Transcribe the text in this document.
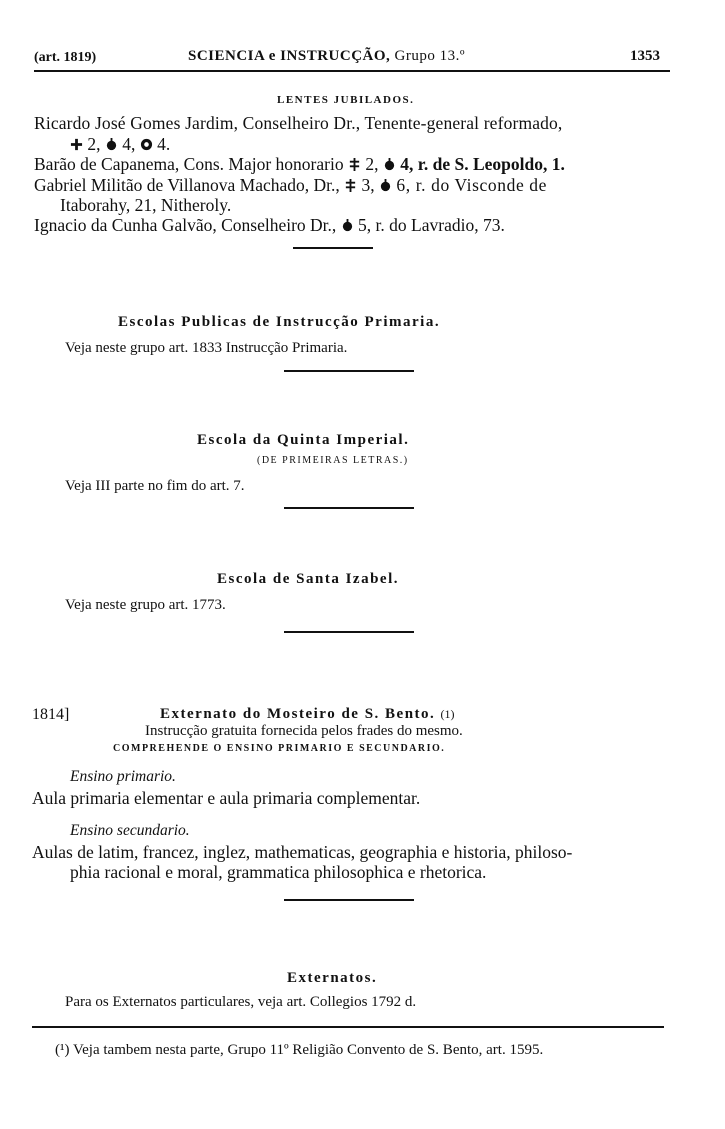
(art. 1819)	SCIENCIA e INSTRUCÇÃO, Grupo 13.º	1353
LENTES JUBILADOS.
Ricardo José Gomes Jardim, Conselheiro Dr., Tenente-general reformado,
2, 4, 4.
Barão de Capanema, Cons. Major honorario 2, 4, r. de S. Leopoldo, 1.
Gabriel Militão de Villanova Machado, Dr., 3, 6, r. do Visconde de
Itaborahy, 21, Nitheroly.
Ignacio da Cunha Galvão, Conselheiro Dr., 5, r. do Lavradio, 73.
Escolas Publicas de Instrucção Primaria.
Veja neste grupo art. 1833 Instrucção Primaria.
Escola da Quinta Imperial.
(DE PRIMEIRAS LETRAS.)
Veja III parte no fim do art. 7.
Escola de Santa Izabel.
Veja neste grupo art. 1773.
1814]	Externato do Mosteiro de S. Bento. (1)
Instrucção gratuita fornecida pelos frades do mesmo.
COMPREHENDE O ENSINO PRIMARIO E SECUNDARIO.
Ensino primario.
Aula primaria elementar e aula primaria complementar.
Ensino secundario.
Aulas de latim, francez, inglez, mathematicas, geographia e historia, philoso-
phia racional e moral, grammatica philosophica e rhetorica.
Externatos.
Para os Externatos particulares, veja art. Collegios 1792 d.
(¹) Veja tambem nesta parte, Grupo 11º Religião Convento de S. Bento, art. 1595.
